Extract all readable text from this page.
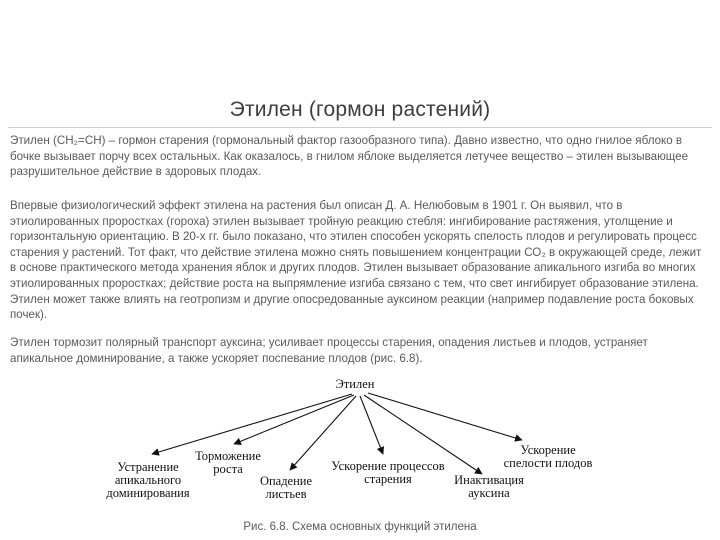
Этилен (гормон растений)

Этилен (СН₂=СН) – гормон старения (гормональный фактор газообразного типа). Давно известно, что одно гнилое яблоко в бочке вызывает порчу всех остальных. Как оказалось, в гнилом яблоке выделяется летучее вещество – этилен вызывающее разрушительное действие в здоровых плодах.

Впервые физиологический эффект этилена на растения был описан Д. А. Нелюбовым в 1901 г. Он выявил, что в этиолированных проростках (гороха) этилен вызывает тройную реакцию стебля: ингибирование растяжения, утолщение и горизонтальную ориентацию. В 20-х гг. было показано, что этилен способен ускорять спелость плодов и регулировать процесс старения у растений. Тот факт, что действие этилена можно снять повышением концентрации СО₂ в окружающей среде, лежит в основе практического метода хранения яблок и других плодов. Этилен вызывает образование апикального изгиба во многих этиолированных проростках; действие роста на выпрямление изгиба связано с тем, что свет ингибирует образование этилена. Этилен может также влиять на геотропизм и другие опосредованные ауксином реакции (например подавление роста боковых почек).

Этилен тормозит полярный транспорт ауксина; усиливает процессы старения, опадения листьев и плодов, устраняет апикальное доминирование, а также ускоряет поспевание плодов (рис. 6.8).

Этилен
Устранение
апикального
доминирования
Торможение
роста
Опадение
листьев
Ускорение процессов
старения	Инактивация
ауксина
Ускорение
спелости плодов
Рис. 6.8. Схема основных функций этилена
